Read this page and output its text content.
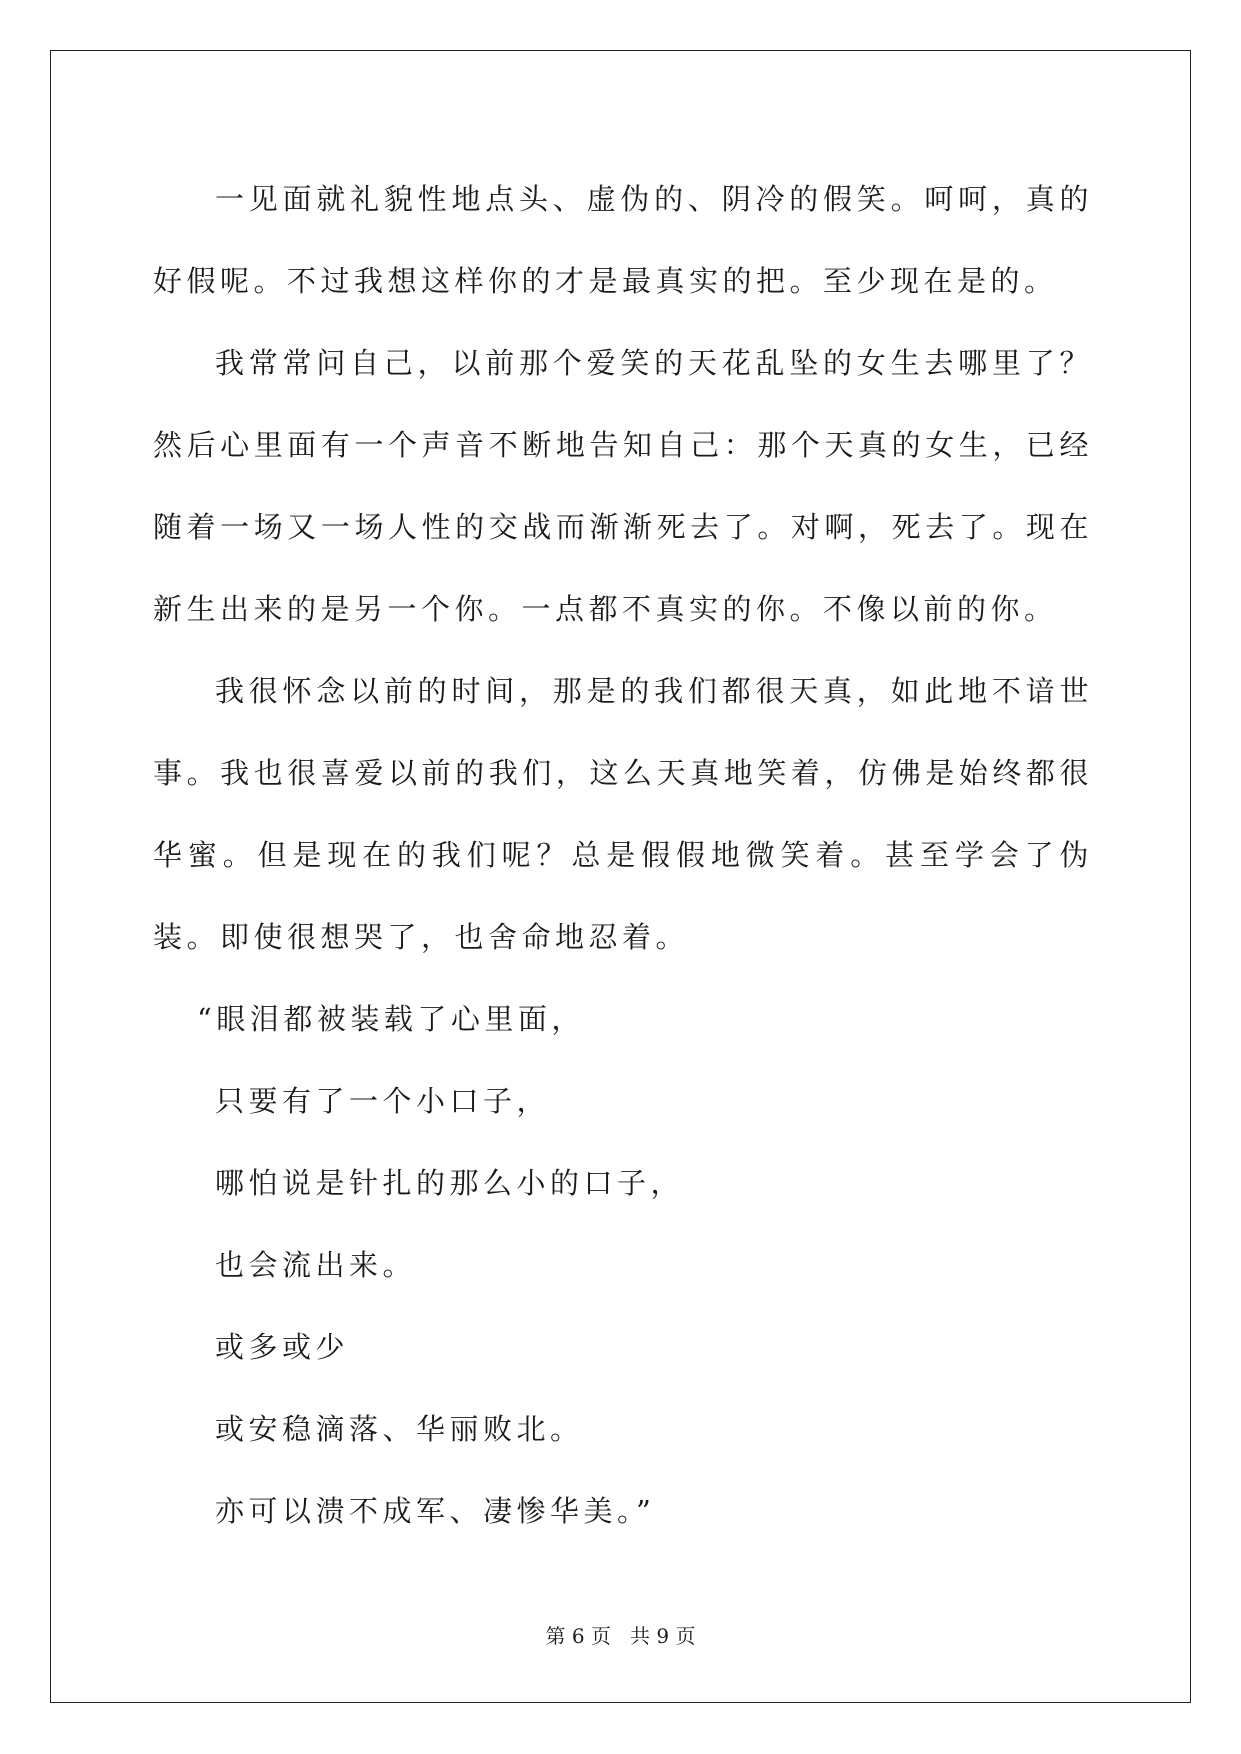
一见面就礼貌性地点头、虚伪的、阴冷的假笑。呵呵，真的好假呢。不过我想这样你的才是最真实的把。至少现在是的。

我常常问自己，以前那个爱笑的天花乱坠的女生去哪里了？然后心里面有一个声音不断地告知自己：那个天真的女生，已经随着一场又一场人性的交战而渐渐死去了。对啊，死去了。现在新生出来的是另一个你。一点都不真实的你。不像以前的你。

我很怀念以前的时间，那是的我们都很天真，如此地不谙世事。我也很喜爱以前的我们，这么天真地笑着，仿佛是始终都很华蜜。但是现在的我们呢？总是假假地微笑着。甚至学会了伪装。即使很想哭了，也舍命地忍着。

“眼泪都被装载了心里面，

只要有了一个小口子，

哪怕说是针扎的那么小的口子，

也会流出来。

或多或少

或安稳滴落、华丽败北。

亦可以溃不成军、凄惨华美。”

第 6 页   共 9 页
